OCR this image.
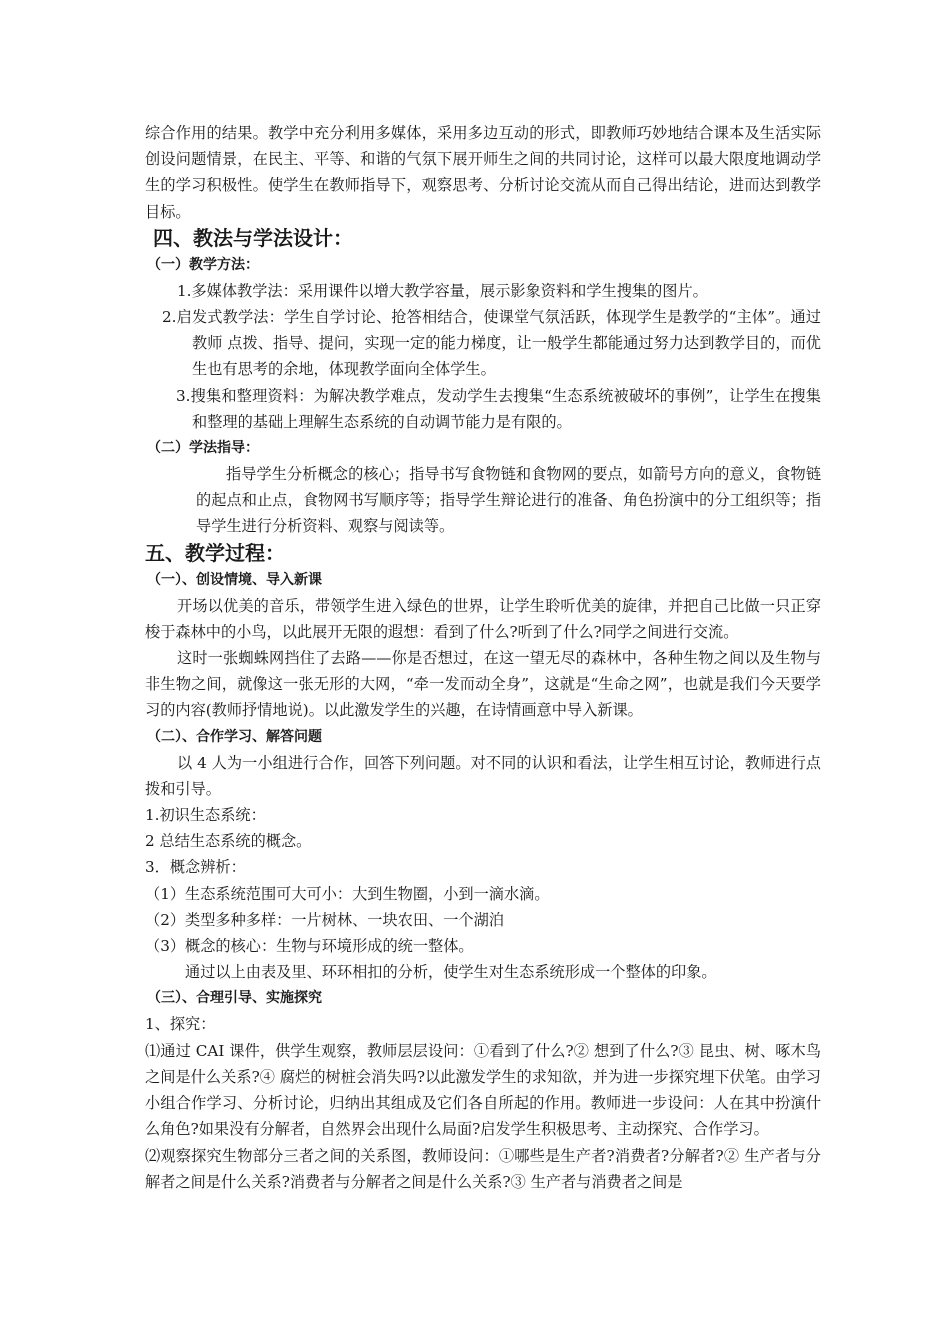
综合作用的结果。教学中充分利用多媒体，采用多边互动的形式，即教师巧妙地结合课本及生活实际创设问题情景，在民主、平等、和谐的气氛下展开师生之间的共同讨论，这样可以最大限度地调动学生的学习积极性。使学生在教师指导下，观察思考、分析讨论交流从而自己得出结论，进而达到教学目标。

四、教法与学法设计：
（一）教学方法：

1.多媒体教学法：采用课件以增大教学容量，展示影象资料和学生搜集的图片。

2.启发式教学法：学生自学讨论、抢答相结合，使课堂气氛活跃，体现学生是教学的“主体”。通过教师 点拨、指导、提问，实现一定的能力梯度，让一般学生都能通过努力达到教学目的，而优生也有思考的余地，体现教学面向全体学生。

3.搜集和整理资料：为解决教学难点，发动学生去搜集“生态系统被破坏的事例”，让学生在搜集和整理的基础上理解生态系统的自动调节能力是有限的。

（二）学法指导：

指导学生分析概念的核心；指导书写食物链和食物网的要点，如箭号方向的意义，食物链的起点和止点，食物网书写顺序等；指导学生辩论进行的准备、角色扮演中的分工组织等；指导学生进行分析资料、观察与阅读等。

五、教学过程：
（一）、创设情境、导入新课

开场以优美的音乐，带领学生进入绿色的世界，让学生聆听优美的旋律，并把自己比做一只正穿梭于森林中的小鸟，以此展开无限的遐想：看到了什么?听到了什么?同学之间进行交流。

这时一张蜘蛛网挡住了去路——你是否想过，在这一望无尽的森林中，各种生物之间以及生物与非生物之间，就像这一张无形的大网，“牵一发而动全身”，这就是“生命之网”，也就是我们今天要学习的内容(教师抒情地说)。以此激发学生的兴趣，在诗情画意中导入新课。

（二）、合作学习、解答问题

以 4 人为一小组进行合作，回答下列问题。对不同的认识和看法，让学生相互讨论，教师进行点拨和引导。

1.初识生态系统：

2 总结生态系统的概念。

3．概念辨析：

（1）生态系统范围可大可小：大到生物圈，小到一滴水滴。

（2）类型多种多样：一片树林、一块农田、一个湖泊

（3）概念的核心：生物与环境形成的统一整体。

通过以上由表及里、环环相扣的分析，使学生对生态系统形成一个整体的印象。

（三）、合理引导、实施探究

1、探究：

⑴通过 CAI 课件，供学生观察，教师层层设问：①看到了什么?② 想到了什么?③ 昆虫、树、啄木鸟之间是什么关系?④ 腐烂的树桩会消失吗?以此激发学生的求知欲，并为进一步探究埋下伏笔。由学习小组合作学习、分析讨论，归纳出其组成及它们各自所起的作用。教师进一步设问：人在其中扮演什么角色?如果没有分解者，自然界会出现什么局面?启发学生积极思考、主动探究、合作学习。

⑵观察探究生物部分三者之间的关系图，教师设问：①哪些是生产者?消费者?分解者?② 生产者与分解者之间是什么关系?消费者与分解者之间是什么关系?③ 生产者与消费者之间是
